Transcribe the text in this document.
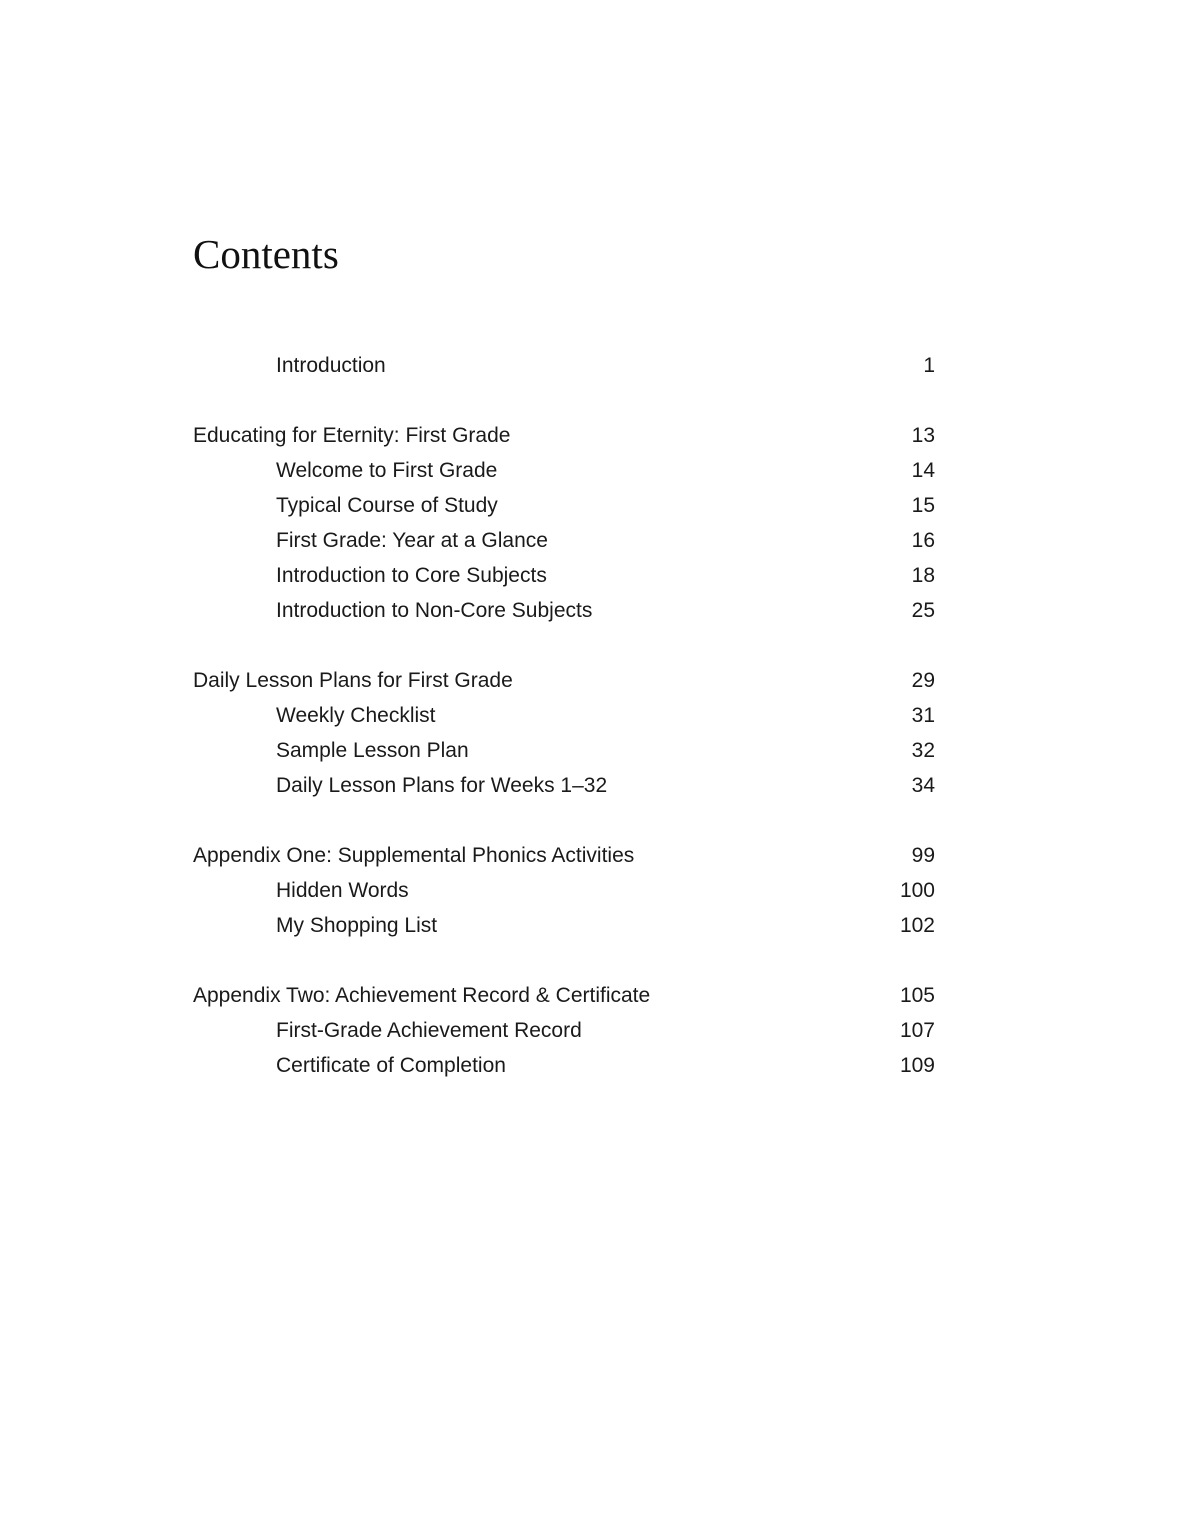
Contents
Introduction	1
Educating for Eternity: First Grade	13
Welcome to First Grade	14
Typical Course of Study	15
First Grade: Year at a Glance	16
Introduction to Core Subjects	18
Introduction to Non-Core Subjects	25
Daily Lesson Plans for First Grade	29
Weekly Checklist	31
Sample Lesson Plan	32
Daily Lesson Plans for Weeks 1–32	34
Appendix One: Supplemental Phonics Activities	99
Hidden Words	100
My Shopping List	102
Appendix Two: Achievement Record & Certificate	105
First-Grade Achievement Record	107
Certificate of Completion	109
